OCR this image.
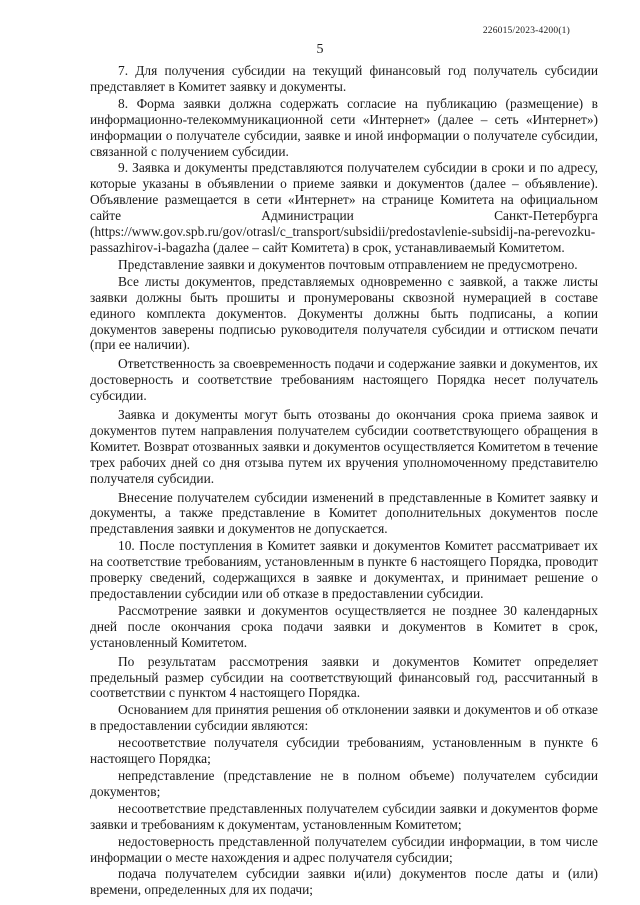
226015/2023-4200(1)
5

7. Для получения субсидии на текущий финансовый год получатель субсидии представляет в Комитет заявку и документы.

8. Форма заявки должна содержать согласие на публикацию (размещение) в информационно-телекоммуникационной сети «Интернет» (далее – сеть «Интернет») информации о получателе субсидии, заявке и иной информации о получателе субсидии, связанной с получением субсидии.

9. Заявка и документы представляются получателем субсидии в сроки и по адресу, которые указаны в объявлении о приеме заявки и документов (далее – объявление). Объявление размещается в сети «Интернет» на странице Комитета на официальном сайте Администрации Санкт-Петербурга (https://www.gov.spb.ru/gov/otrasl/c_transport/subsidii/predostavlenie-subsidij-na-perevozku-passazhirov-i-bagazha (далее – сайт Комитета) в срок, устанавливаемый Комитетом.

Представление заявки и документов почтовым отправлением не предусмотрено.

Все листы документов, представляемых одновременно с заявкой, а также листы заявки должны быть прошиты и пронумерованы сквозной нумерацией в составе единого комплекта документов. Документы должны быть подписаны, а копии документов заверены подписью руководителя получателя субсидии и оттиском печати (при ее наличии).

Ответственность за своевременность подачи и содержание заявки и документов, их достоверность и соответствие требованиям настоящего Порядка несет получатель субсидии.

Заявка и документы могут быть отозваны до окончания срока приема заявок и документов путем направления получателем субсидии соответствующего обращения в Комитет. Возврат отозванных заявки и документов осуществляется Комитетом в течение трех рабочих дней со дня отзыва путем их вручения уполномоченному представителю получателя субсидии.

Внесение получателем субсидии изменений в представленные в Комитет заявку и документы, а также представление в Комитет дополнительных документов после представления заявки и документов не допускается.

10. После поступления в Комитет заявки и документов Комитет рассматривает их на соответствие требованиям, установленным в пункте 6 настоящего Порядка, проводит проверку сведений, содержащихся в заявке и документах, и принимает решение о предоставлении субсидии или об отказе в предоставлении субсидии.

Рассмотрение заявки и документов осуществляется не позднее 30 календарных дней после окончания срока подачи заявки и документов в Комитет в срок, установленный Комитетом.

По результатам рассмотрения заявки и документов Комитет определяет предельный размер субсидии на соответствующий финансовый год, рассчитанный в соответствии с пунктом 4 настоящего Порядка.

Основанием для принятия решения об отклонении заявки и документов и об отказе в предоставлении субсидии являются:

несоответствие получателя субсидии требованиям, установленным в пункте 6 настоящего Порядка;

непредставление (представление не в полном объеме) получателем субсидии документов;

несоответствие представленных получателем субсидии заявки и документов форме заявки и требованиям к документам, установленным Комитетом;

недостоверность представленной получателем субсидии информации, в том числе информации о месте нахождения и адрес получателя субсидии;

подача получателем субсидии заявки и(или) документов после даты и (или) времени, определенных для их подачи;
